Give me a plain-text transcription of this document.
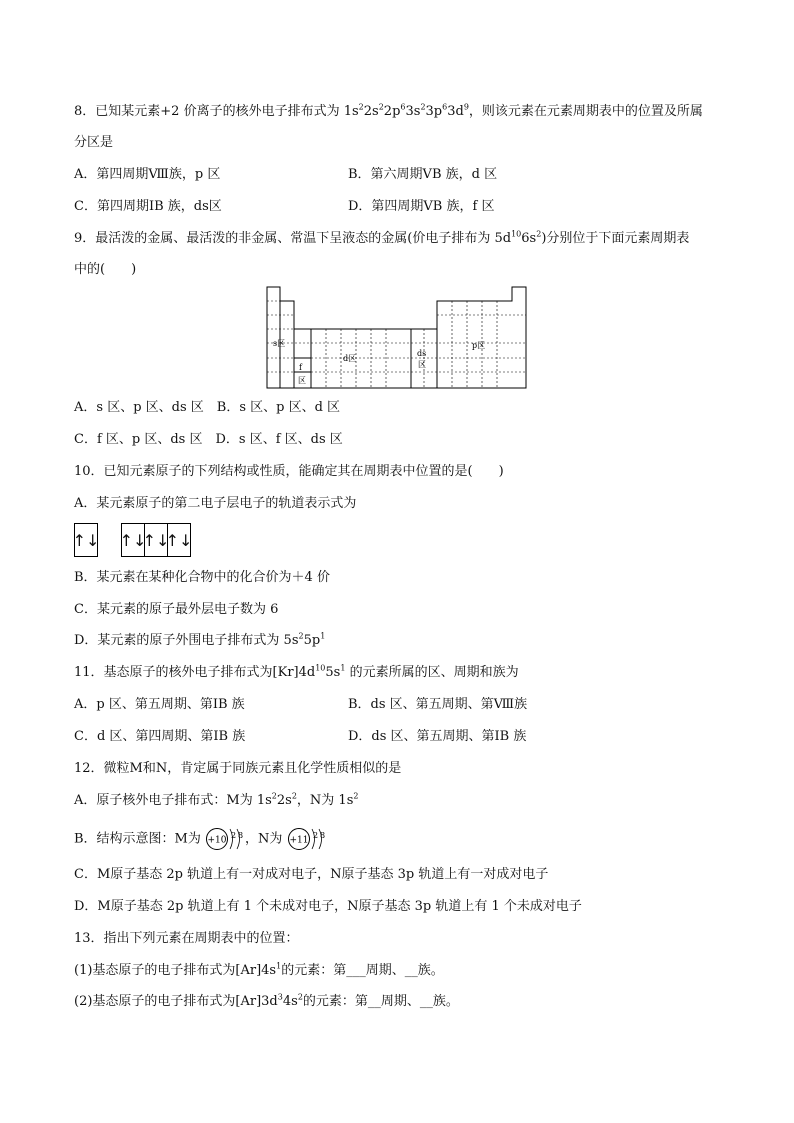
8．已知某元素+2 价离子的核外电子排布式为 $1s^22s^22p^63s^23p^63d^9$，则该元素在元素周期表中的位置及所属
分区是
A．第四周期Ⅷ族，p 区	B．第六周期ⅤB 族，d 区
C．第四周期ⅠB 族，ds区	D．第四周期ⅤB 族，f 区
9．最活泼的金属、最活泼的非金属、常温下呈液态的金属(价电子排布为 $5d^{10}6s^2$)分别位于下面元素周期表
中的(　　)
s区
f
区
d区
ds
区
p区
A．s 区、p 区、ds 区　B．s 区、p 区、d 区
C．f 区、p 区、ds 区　D．s 区、f 区、ds 区
10．已知元素原子的下列结构或性质，能确定其在周期表中位置的是(　　)
A．某元素原子的第二电子层电子的轨道表示式为
↑↓ ↑↓
↑↓
↑↓
B．某元素在某种化合物中的化合价为＋4 价
C．某元素的原子最外层电子数为 6
D．某元素的原子外围电子排布式为 $5s^25p^1$
11．基态原子的核外电子排布式为$[Kr]4d^{10}5s^1$ 的元素所属的区、周期和族为
A．p 区、第五周期、第ⅠB 族	B．ds 区、第五周期、第Ⅷ族
C．d 区、第四周期、第ⅠB 族	D．ds 区、第五周期、第ⅠB 族
12．微粒M和N，肯定属于同族元素且化学性质相似的是
A．原子核外电子排布式：M为 $1s^22s^2$，N为 $1s^2$
B．结构示意图：M为 +10 2 8 ，N为 +11 2 8
C．M原子基态 2p 轨道上有一对成对电子，N原子基态 3p 轨道上有一对成对电子
D．M原子基态 2p 轨道上有 1 个未成对电子，N原子基态 3p 轨道上有 1 个未成对电子
13．指出下列元素在周期表中的位置：
(1)基态原子的电子排布式为$[Ar]4s^1$的元素：第___周期、__族。
(2)基态原子的电子排布式为$[Ar]3d^34s^2$的元素：第__周期、__族。
